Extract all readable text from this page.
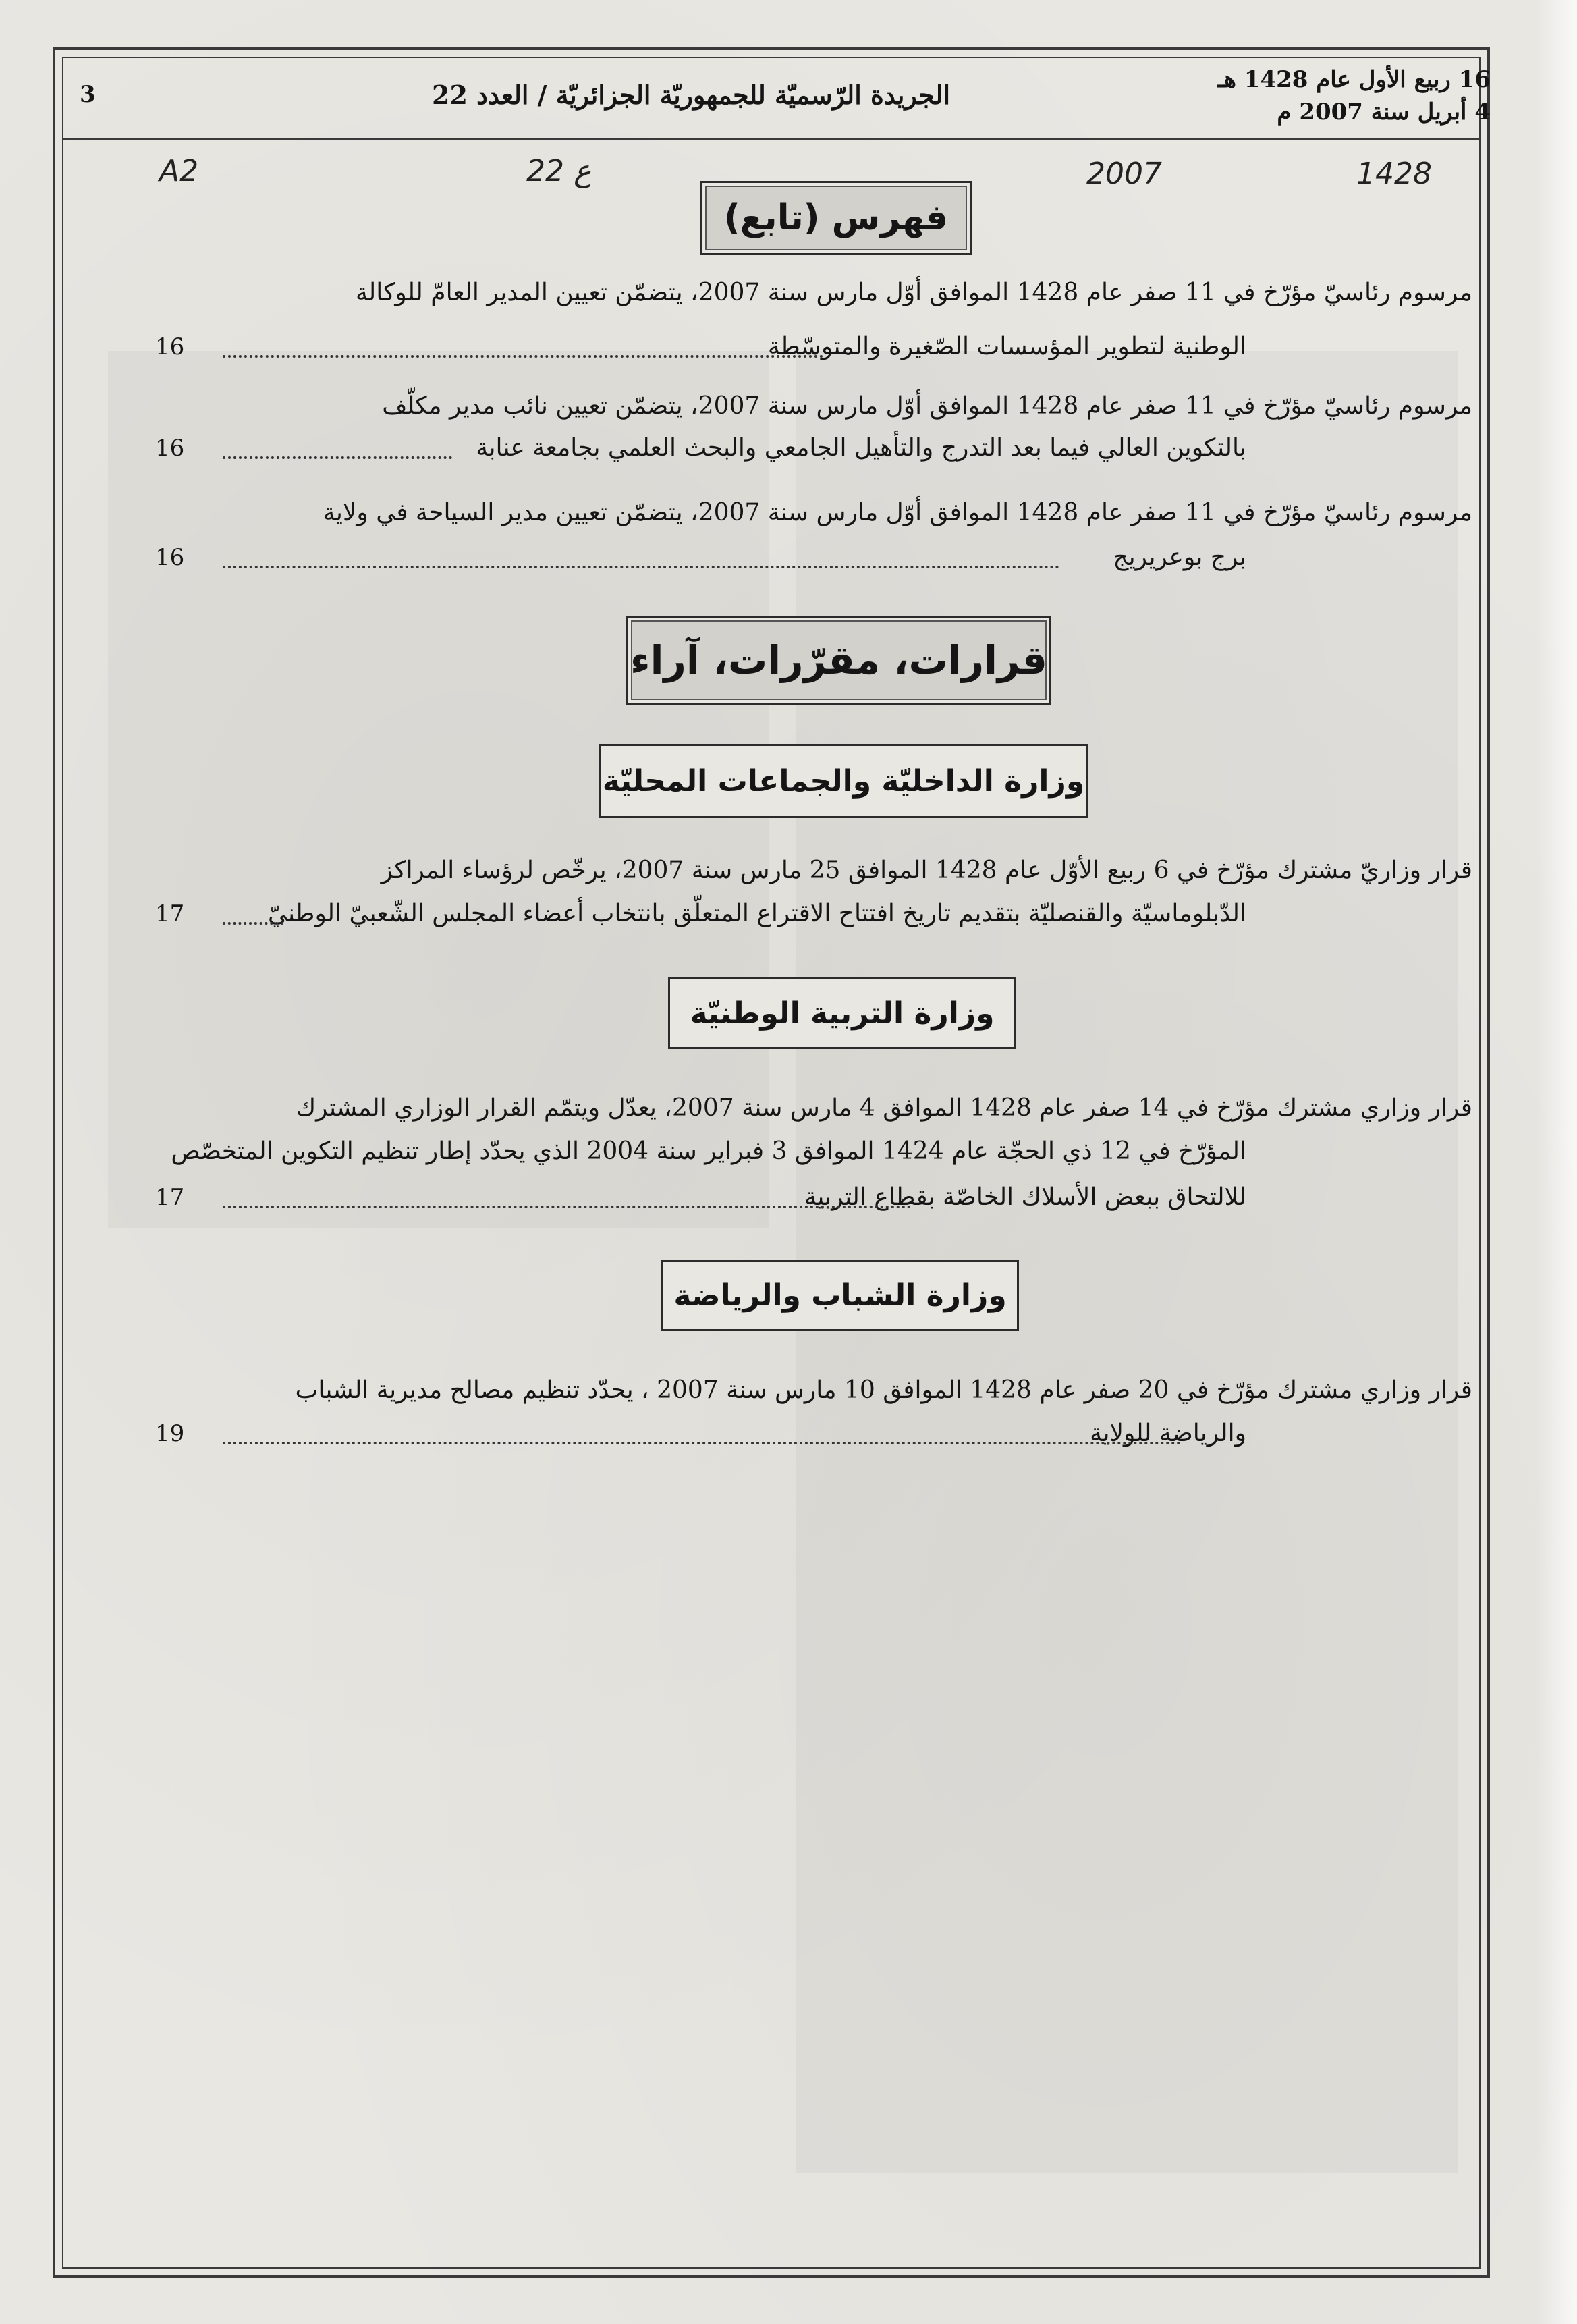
16 ربيع الأول عام 1428 هـ
4 أبريل سنة 2007 م
الجريدة الرّسميّة للجمهوريّة الجزائريّة / العدد 22
3
A2	22 ع	2007	1428
فهرس (تابع)
مرسوم رئاسيّ مؤرّخ في 11 صفر عام 1428 الموافق أوّل مارس سنة 2007، يتضمّن تعيين المدير العامّ للوكالة
الوطنية لتطوير المؤسسات الصّغيرة والمتوسّطة
16
مرسوم رئاسيّ مؤرّخ في 11 صفر عام 1428 الموافق أوّل مارس سنة 2007، يتضمّن تعيين نائب مدير مكلّف
بالتكوين العالي فيما بعد التدرج والتأهيل الجامعي والبحث العلمي بجامعة عنابة
16
مرسوم رئاسيّ مؤرّخ في 11 صفر عام 1428 الموافق أوّل مارس سنة 2007، يتضمّن تعيين مدير السياحة في ولاية
برج بوعريريج
16
قرارات، مقرّرات، آراء
وزارة الداخليّة والجماعات المحليّة
قرار وزاريّ مشترك مؤرّخ في 6 ربيع الأوّل عام 1428 الموافق 25 مارس سنة 2007، يرخّص لرؤساء المراكز
الدّبلوماسيّة والقنصليّة بتقديم تاريخ افتتاح الاقتراع المتعلّق بانتخاب أعضاء المجلس الشّعبيّ الوطنيّ
17
وزارة التربية الوطنيّة
قرار وزاري مشترك مؤرّخ في 14 صفر عام 1428 الموافق 4 مارس سنة 2007، يعدّل ويتمّم القرار الوزاري المشترك
المؤرّخ في 12 ذي الحجّة عام 1424 الموافق 3 فبراير سنة 2004 الذي يحدّد إطار تنظيم التكوين المتخصّص
للالتحاق ببعض الأسلاك الخاصّة بقطاع التربية
17
وزارة الشباب والرياضة
قرار وزاري مشترك مؤرّخ في 20 صفر عام 1428 الموافق 10 مارس سنة 2007 ، يحدّد تنظيم مصالح مديرية الشباب
والرياضة للولاية
19
